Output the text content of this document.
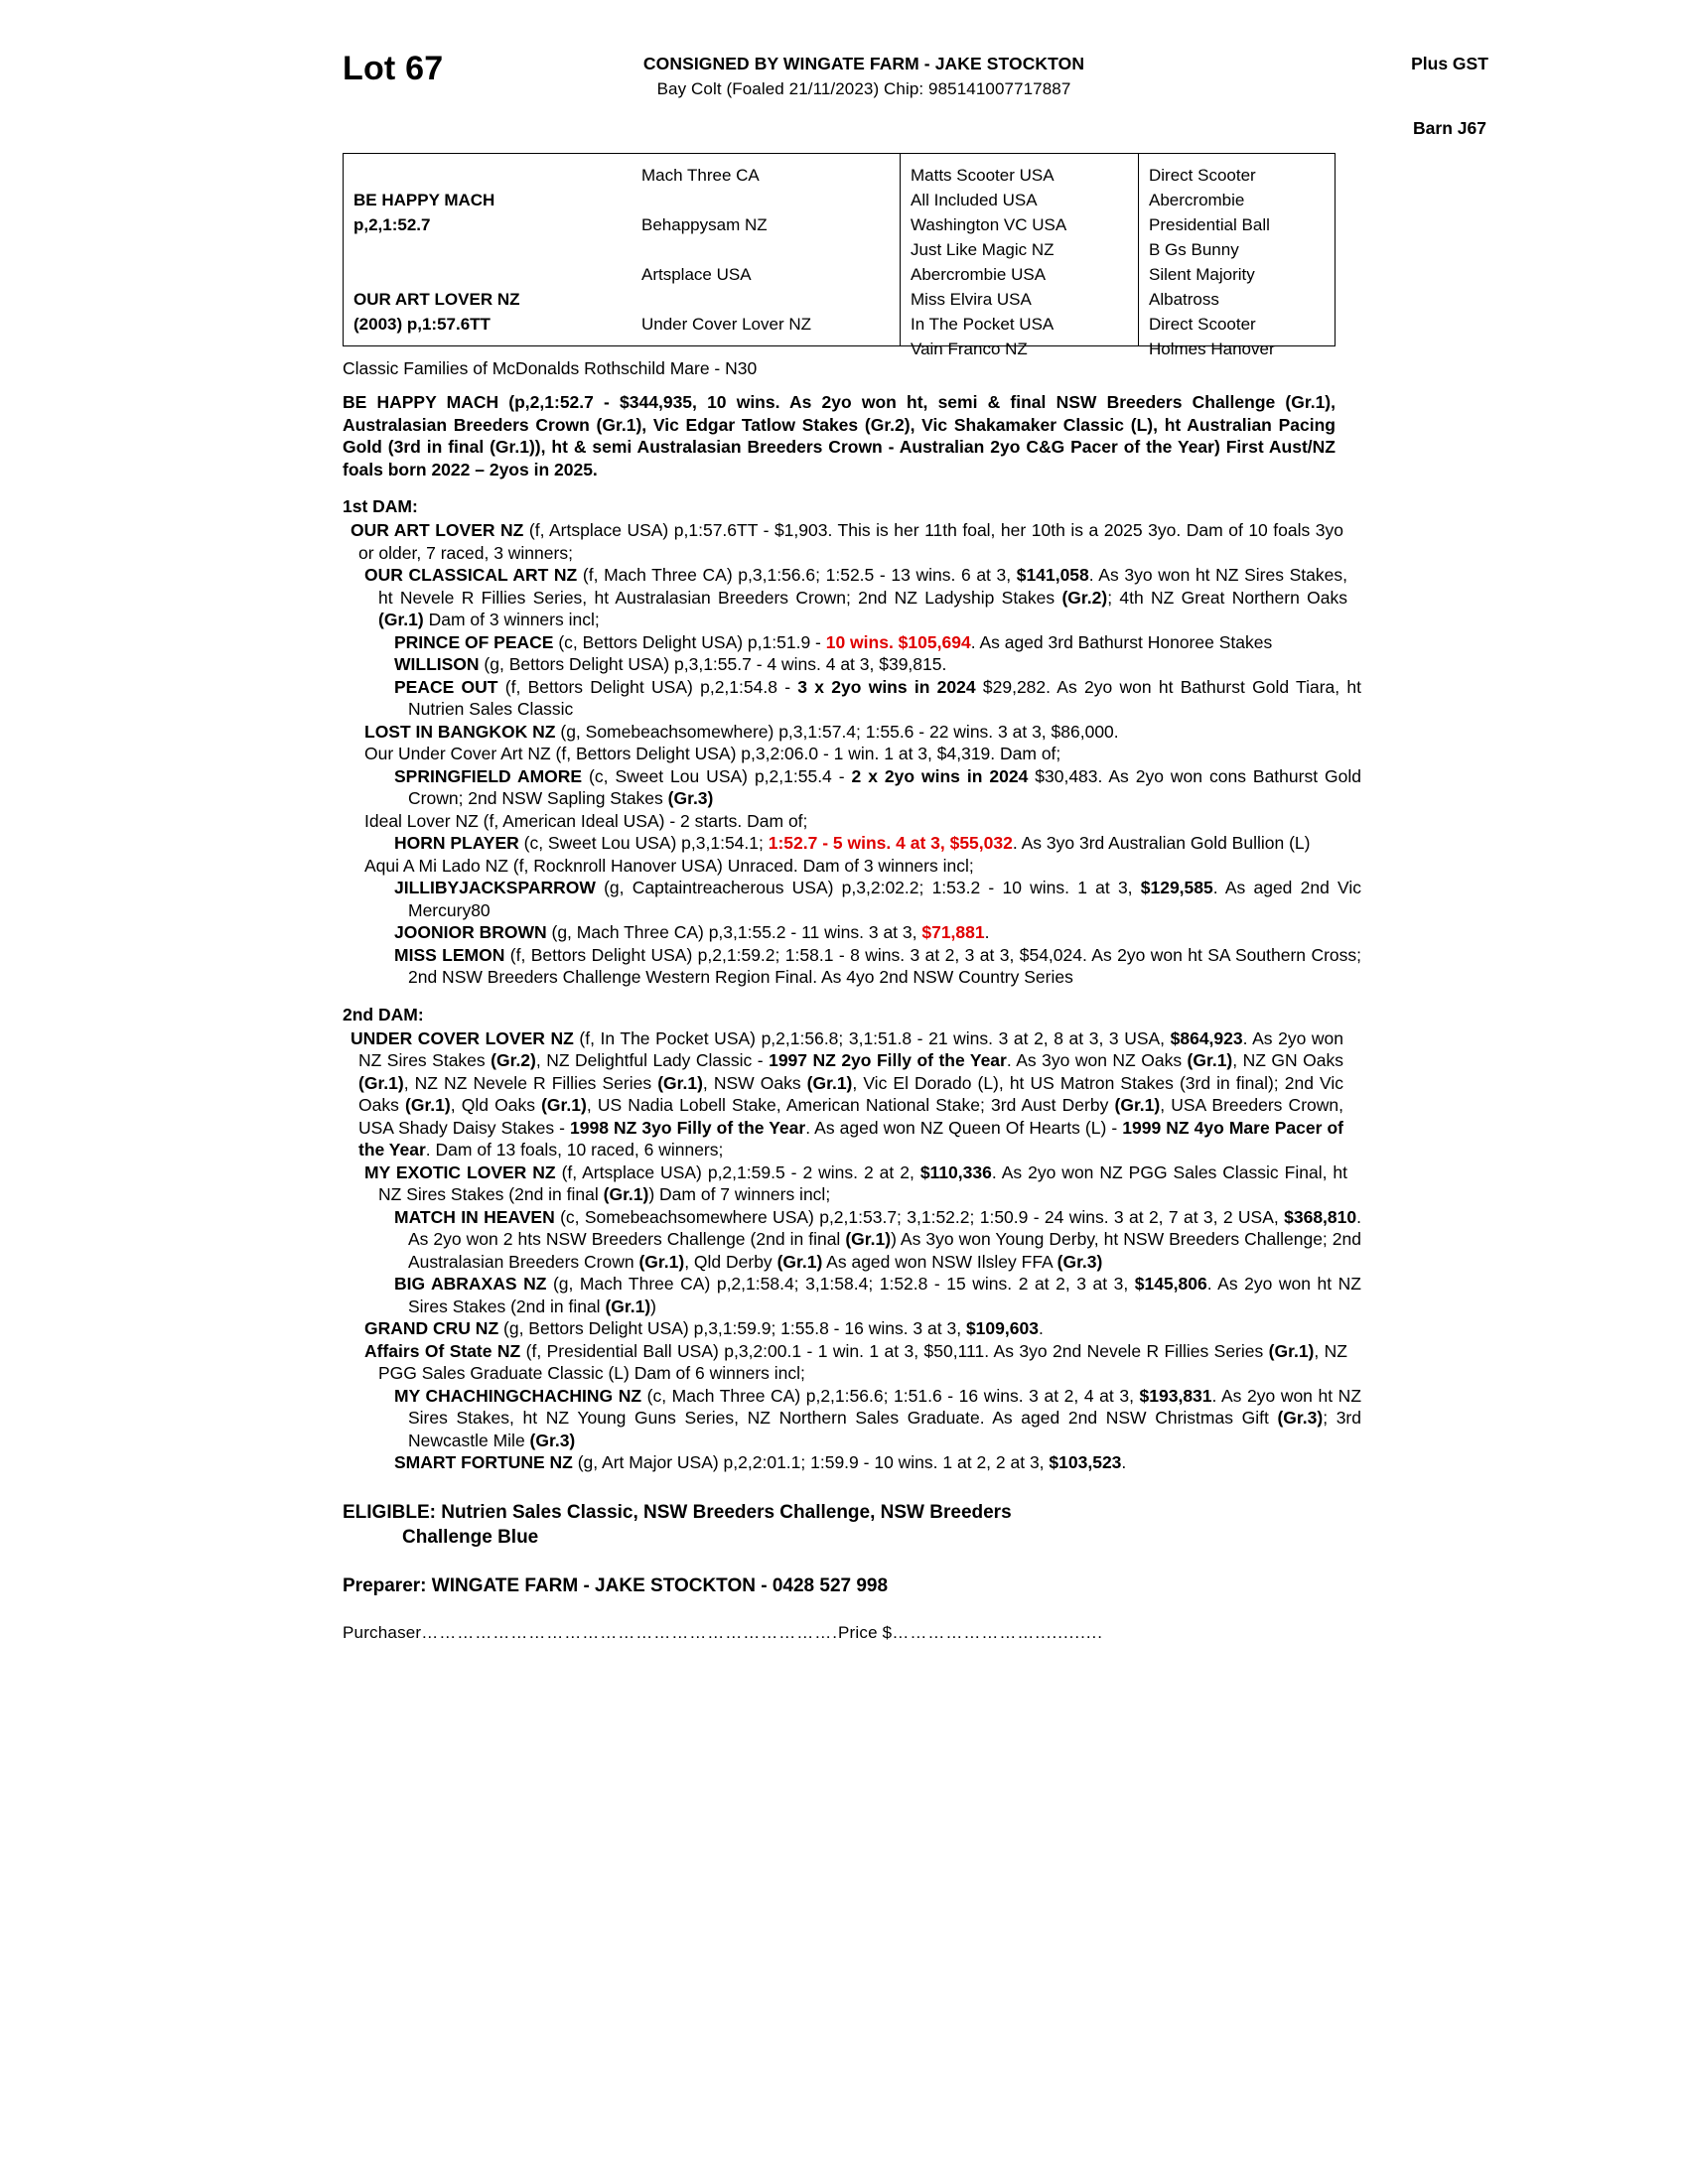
Lot 67	CONSIGNED BY WINGATE FARM - JAKE STOCKTON
Bay Colt (Foaled 21/11/2023) Chip: 985141007717887
Plus GST
Barn J67
BE HAPPY MACH
p,2,1:52.7
OUR ART LOVER NZ
(2003) p,1:57.6TT
Mach Three CA
Behappysam NZ
Artsplace USA
Under Cover Lover NZ
Matts Scooter USA
All Included USA
Washington VC USA
Just Like Magic NZ
Abercrombie USA
Miss Elvira USA
In The Pocket USA
Vain Franco NZ
Direct Scooter
Abercrombie
Presidential Ball
B Gs Bunny
Silent Majority
Albatross
Direct Scooter
Holmes Hanover
Classic Families of McDonalds Rothschild Mare - N30
BE HAPPY MACH (p,2,1:52.7 - $344,935, 10 wins. As 2yo won ht, semi & final NSW Breeders Challenge (Gr.1), Australasian Breeders Crown (Gr.1), Vic Edgar Tatlow Stakes (Gr.2), Vic Shakamaker Classic (L), ht Australian Pacing Gold (3rd in final (Gr.1)), ht & semi Australasian Breeders Crown - Australian 2yo C&G Pacer of the Year) First Aust/NZ foals born 2022 – 2yos in 2025.
1st DAM:
OUR ART LOVER NZ (f, Artsplace USA) p,1:57.6TT - $1,903. This is her 11th foal, her 10th is a 2025 3yo. Dam of 10 foals 3yo or older, 7 raced, 3 winners;
OUR CLASSICAL ART NZ (f, Mach Three CA) p,3,1:56.6; 1:52.5 - 13 wins. 6 at 3, $141,058. As 3yo won ht NZ Sires Stakes, ht Nevele R Fillies Series, ht Australasian Breeders Crown; 2nd NZ Ladyship Stakes (Gr.2); 4th NZ Great Northern Oaks (Gr.1) Dam of 3 winners incl;
PRINCE OF PEACE (c, Bettors Delight USA) p,1:51.9 - 10 wins. $105,694. As aged 3rd Bathurst Honoree Stakes
WILLISON (g, Bettors Delight USA) p,3,1:55.7 - 4 wins. 4 at 3, $39,815.
PEACE OUT (f, Bettors Delight USA) p,2,1:54.8 - 3 x 2yo wins in 2024 $29,282. As 2yo won ht Bathurst Gold Tiara, ht Nutrien Sales Classic
LOST IN BANGKOK NZ (g, Somebeachsomewhere) p,3,1:57.4; 1:55.6 - 22 wins. 3 at 3, $86,000.
Our Under Cover Art NZ (f, Bettors Delight USA) p,3,2:06.0 - 1 win. 1 at 3, $4,319. Dam of;
SPRINGFIELD AMORE (c, Sweet Lou USA) p,2,1:55.4 - 2 x 2yo wins in 2024 $30,483. As 2yo won cons Bathurst Gold Crown; 2nd NSW Sapling Stakes (Gr.3)
Ideal Lover NZ (f, American Ideal USA) - 2 starts. Dam of;
HORN PLAYER (c, Sweet Lou USA) p,3,1:54.1; 1:52.7 - 5 wins. 4 at 3, $55,032. As 3yo 3rd Australian Gold Bullion (L)
Aqui A Mi Lado NZ (f, Rocknroll Hanover USA) Unraced. Dam of 3 winners incl;
JILLIBYJACKSPARROW (g, Captaintreacherous USA) p,3,2:02.2; 1:53.2 - 10 wins. 1 at 3, $129,585. As aged 2nd Vic Mercury80
JOONIOR BROWN (g, Mach Three CA) p,3,1:55.2 - 11 wins. 3 at 3, $71,881.
MISS LEMON (f, Bettors Delight USA) p,2,1:59.2; 1:58.1 - 8 wins. 3 at 2, 3 at 3, $54,024. As 2yo won ht SA Southern Cross; 2nd NSW Breeders Challenge Western Region Final. As 4yo 2nd NSW Country Series
2nd DAM:
UNDER COVER LOVER NZ (f, In The Pocket USA) p,2,1:56.8; 3,1:51.8 - 21 wins. 3 at 2, 8 at 3, 3 USA, $864,923. As 2yo won NZ Sires Stakes (Gr.2), NZ Delightful Lady Classic - 1997 NZ 2yo Filly of the Year. As 3yo won NZ Oaks (Gr.1), NZ GN Oaks (Gr.1), NZ NZ Nevele R Fillies Series (Gr.1), NSW Oaks (Gr.1), Vic El Dorado (L), ht US Matron Stakes (3rd in final); 2nd Vic Oaks (Gr.1), Qld Oaks (Gr.1), US Nadia Lobell Stake, American National Stake; 3rd Aust Derby (Gr.1), USA Breeders Crown, USA Shady Daisy Stakes - 1998 NZ 3yo Filly of the Year. As aged won NZ Queen Of Hearts (L) - 1999 NZ 4yo Mare Pacer of the Year. Dam of 13 foals, 10 raced, 6 winners;
MY EXOTIC LOVER NZ (f, Artsplace USA) p,2,1:59.5 - 2 wins. 2 at 2, $110,336. As 2yo won NZ PGG Sales Classic Final, ht NZ Sires Stakes (2nd in final (Gr.1)) Dam of 7 winners incl;
MATCH IN HEAVEN (c, Somebeachsomewhere USA) p,2,1:53.7; 3,1:52.2; 1:50.9 - 24 wins. 3 at 2, 7 at 3, 2 USA, $368,810. As 2yo won 2 hts NSW Breeders Challenge (2nd in final (Gr.1)) As 3yo won Young Derby, ht NSW Breeders Challenge; 2nd Australasian Breeders Crown (Gr.1), Qld Derby (Gr.1) As aged won NSW Ilsley FFA (Gr.3)
BIG ABRAXAS NZ (g, Mach Three CA) p,2,1:58.4; 3,1:58.4; 1:52.8 - 15 wins. 2 at 2, 3 at 3, $145,806. As 2yo won ht NZ Sires Stakes (2nd in final (Gr.1))
GRAND CRU NZ (g, Bettors Delight USA) p,3,1:59.9; 1:55.8 - 16 wins. 3 at 3, $109,603.
Affairs Of State NZ (f, Presidential Ball USA) p,3,2:00.1 - 1 win. 1 at 3, $50,111. As 3yo 2nd Nevele R Fillies Series (Gr.1), NZ PGG Sales Graduate Classic (L) Dam of 6 winners incl;
MY CHACHINGCHACHING NZ (c, Mach Three CA) p,2,1:56.6; 1:51.6 - 16 wins. 3 at 2, 4 at 3, $193,831. As 2yo won ht NZ Sires Stakes, ht NZ Young Guns Series, NZ Northern Sales Graduate. As aged 2nd NSW Christmas Gift (Gr.3); 3rd Newcastle Mile (Gr.3)
SMART FORTUNE NZ (g, Art Major USA) p,2,2:01.1; 1:59.9 - 10 wins. 1 at 2, 2 at 3, $103,523.
ELIGIBLE: Nutrien Sales Classic, NSW Breeders Challenge, NSW Breeders
Challenge Blue
Preparer: WINGATE FARM - JAKE STOCKTON - 0428 527 998
Purchaser…………………………………………………………….Price $……………………............
